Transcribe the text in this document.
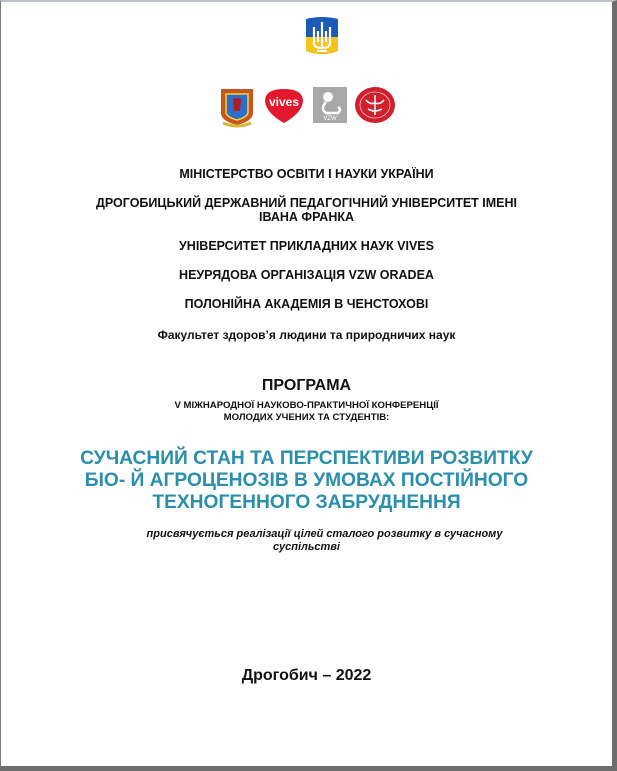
vives
VZW
МІНІСТЕРСТВО ОСВІТИ І НАУКИ УКРАЇНИ
ДРОГОБИЦЬКИЙ ДЕРЖАВНИЙ ПЕДАГОГІЧНИЙ УНІВЕРСИТЕТ ІМЕНІ
ІВАНА ФРАНКА
УНІВЕРСИТЕТ ПРИКЛАДНИХ НАУК VIVES
НЕУРЯДОВА ОРГАНІЗАЦІЯ VZW ORADEA
ПОЛОНІЙНА АКАДЕМІЯ В ЧЕНСТОХОВІ
Факультет здоров’я людини та природничих наук
ПРОГРАМА
V МІЖНАРОДНОЇ НАУКОВО-ПРАКТИЧНОЇ КОНФЕРЕНЦІЇ
МОЛОДИХ УЧЕНИХ ТА СТУДЕНТІВ:
СУЧАСНИЙ СТАН ТА ПЕРСПЕКТИВИ РОЗВИТКУ
БІО- Й АГРОЦЕНОЗІВ В УМОВАХ ПОСТІЙНОГО
ТЕХНОГЕННОГО ЗАБРУДНЕННЯ
присвячується реалізації цілей сталого розвитку в сучасному
суспільстві
Дрогобич – 2022
